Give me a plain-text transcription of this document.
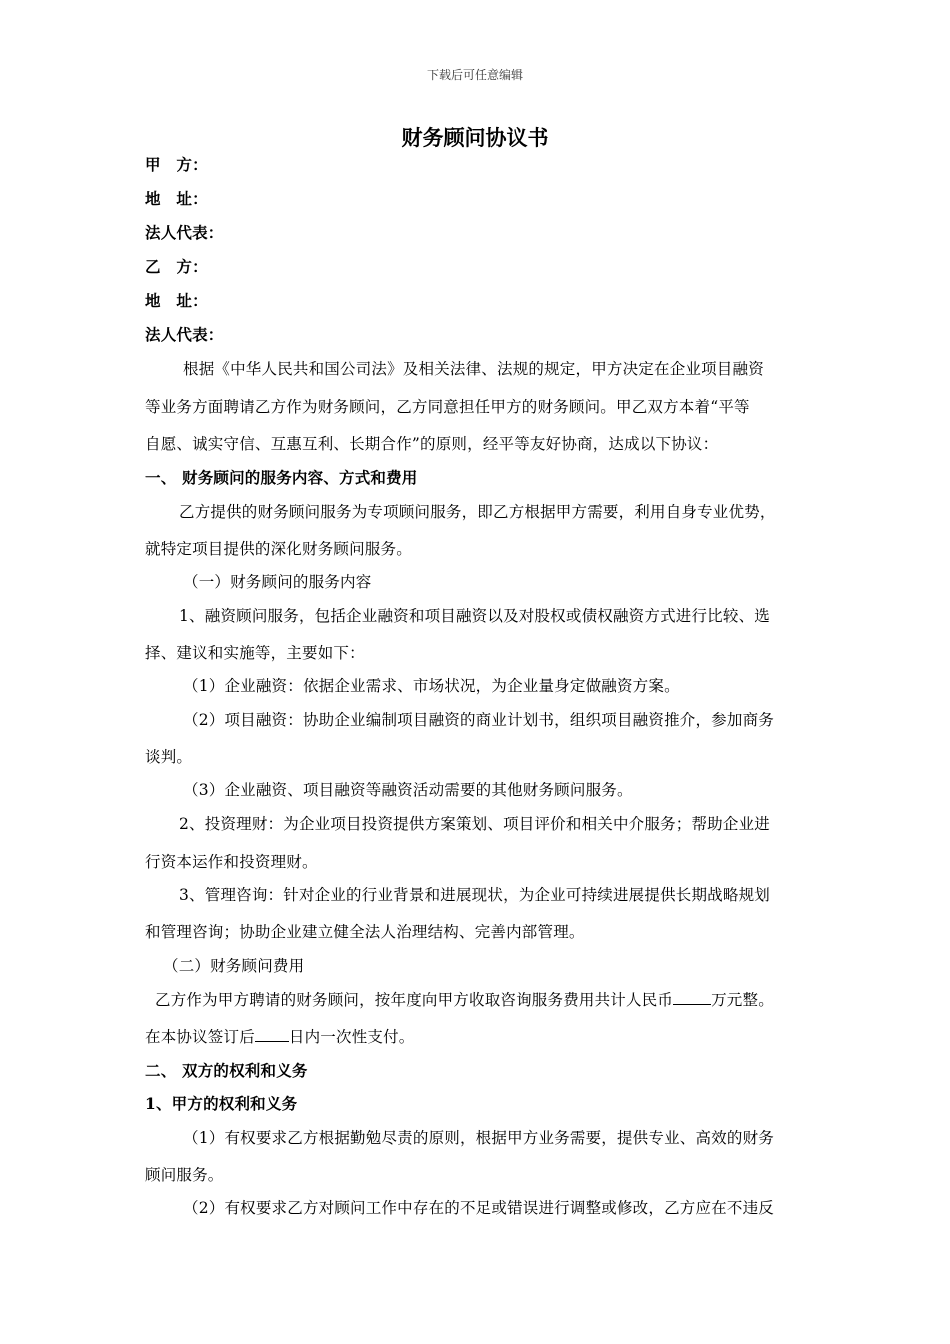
下载后可任意编辑
财务顾问协议书
甲　方：
地　址：
法人代表：
乙　方：
地　址：
法人代表：
根据《中华人民共和国公司法》及相关法律、法规的规定，甲方决定在企业项目融资
等业务方面聘请乙方作为财务顾问，乙方同意担任甲方的财务顾问。甲乙双方本着“平等
自愿、诚实守信、互惠互利、长期合作”的原则，经平等友好协商，达成以下协议：
一、 财务顾问的服务内容、方式和费用
乙方提供的财务顾问服务为专项顾问服务，即乙方根据甲方需要，利用自身专业优势，
就特定项目提供的深化财务顾问服务。
（一）财务顾问的服务内容
1、融资顾问服务，包括企业融资和项目融资以及对股权或债权融资方式进行比较、选
择、建议和实施等，主要如下：
（1）企业融资：依据企业需求、市场状况，为企业量身定做融资方案。
（2）项目融资：协助企业编制项目融资的商业计划书，组织项目融资推介，参加商务
谈判。
（3）企业融资、项目融资等融资活动需要的其他财务顾问服务。
2、投资理财：为企业项目投资提供方案策划、项目评价和相关中介服务；帮助企业进
行资本运作和投资理财。
3、管理咨询：针对企业的行业背景和进展现状，为企业可持续进展提供长期战略规划
和管理咨询；协助企业建立健全法人治理结构、完善内部管理。
（二）财务顾问费用
乙方作为甲方聘请的财务顾问，按年度向甲方收取咨询服务费用共计人民币 万元整。
在本协议签订后 日内一次性支付。
二、 双方的权利和义务
1、甲方的权利和义务
（1）有权要求乙方根据勤勉尽责的原则，根据甲方业务需要，提供专业、高效的财务
顾问服务。
（2）有权要求乙方对顾问工作中存在的不足或错误进行调整或修改，乙方应在不违反
